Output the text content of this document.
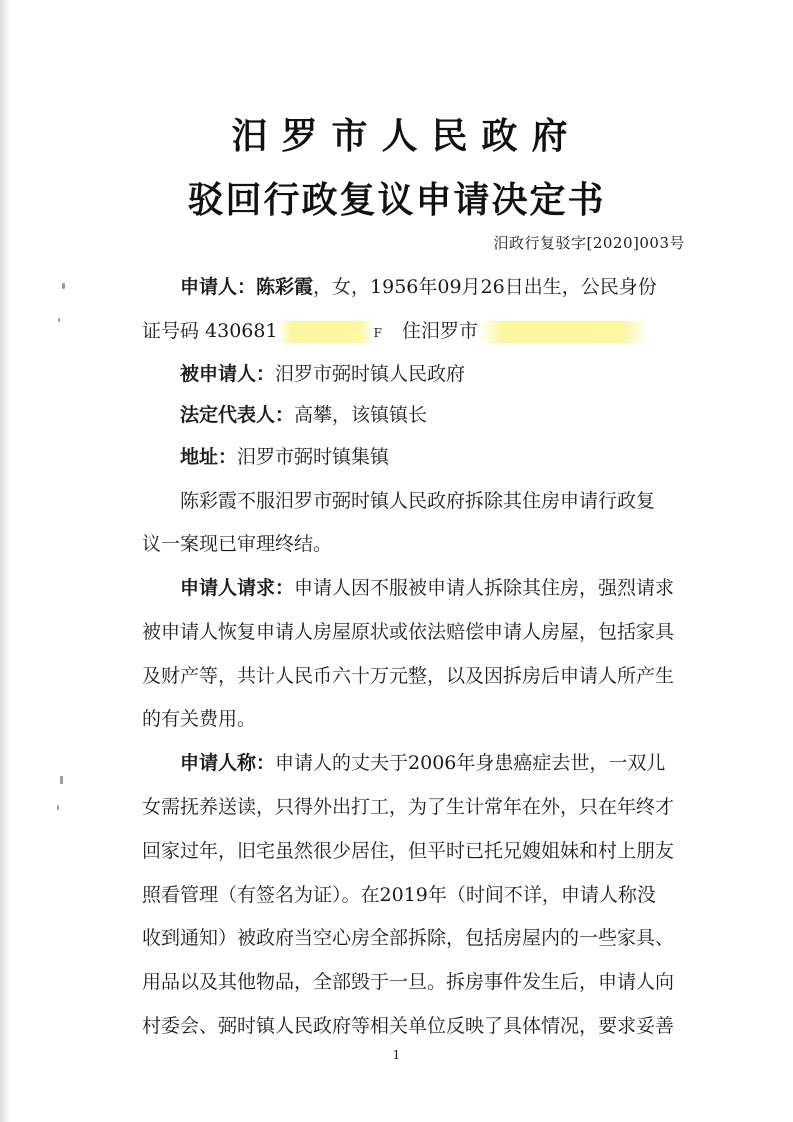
汨罗市人民政府
驳回行政复议申请决定书
汨政行复驳字[2020]003号
申请人：陈彩霞，女，1956年09月26日出生，公民身份
证号码 430681	F 住汨罗市
被申请人：汨罗市弼时镇人民政府
法定代表人：高攀，该镇镇长
地址：汨罗市弼时镇集镇
陈彩霞不服汨罗市弼时镇人民政府拆除其住房申请行政复
议一案现已审理终结。
申请人请求：申请人因不服被申请人拆除其住房，强烈请求
被申请人恢复申请人房屋原状或依法赔偿申请人房屋，包括家具
及财产等，共计人民币六十万元整，以及因拆房后申请人所产生
的有关费用。
申请人称：申请人的丈夫于2006年身患癌症去世，一双儿
女需抚养送读，只得外出打工，为了生计常年在外，只在年终才
回家过年，旧宅虽然很少居住，但平时已托兄嫂姐妹和村上朋友
照看管理（有签名为证）。在2019年（时间不详，申请人称没
收到通知）被政府当空心房全部拆除，包括房屋内的一些家具、
用品以及其他物品，全部毁于一旦。拆房事件发生后，申请人向
村委会、弼时镇人民政府等相关单位反映了具体情况，要求妥善
1
